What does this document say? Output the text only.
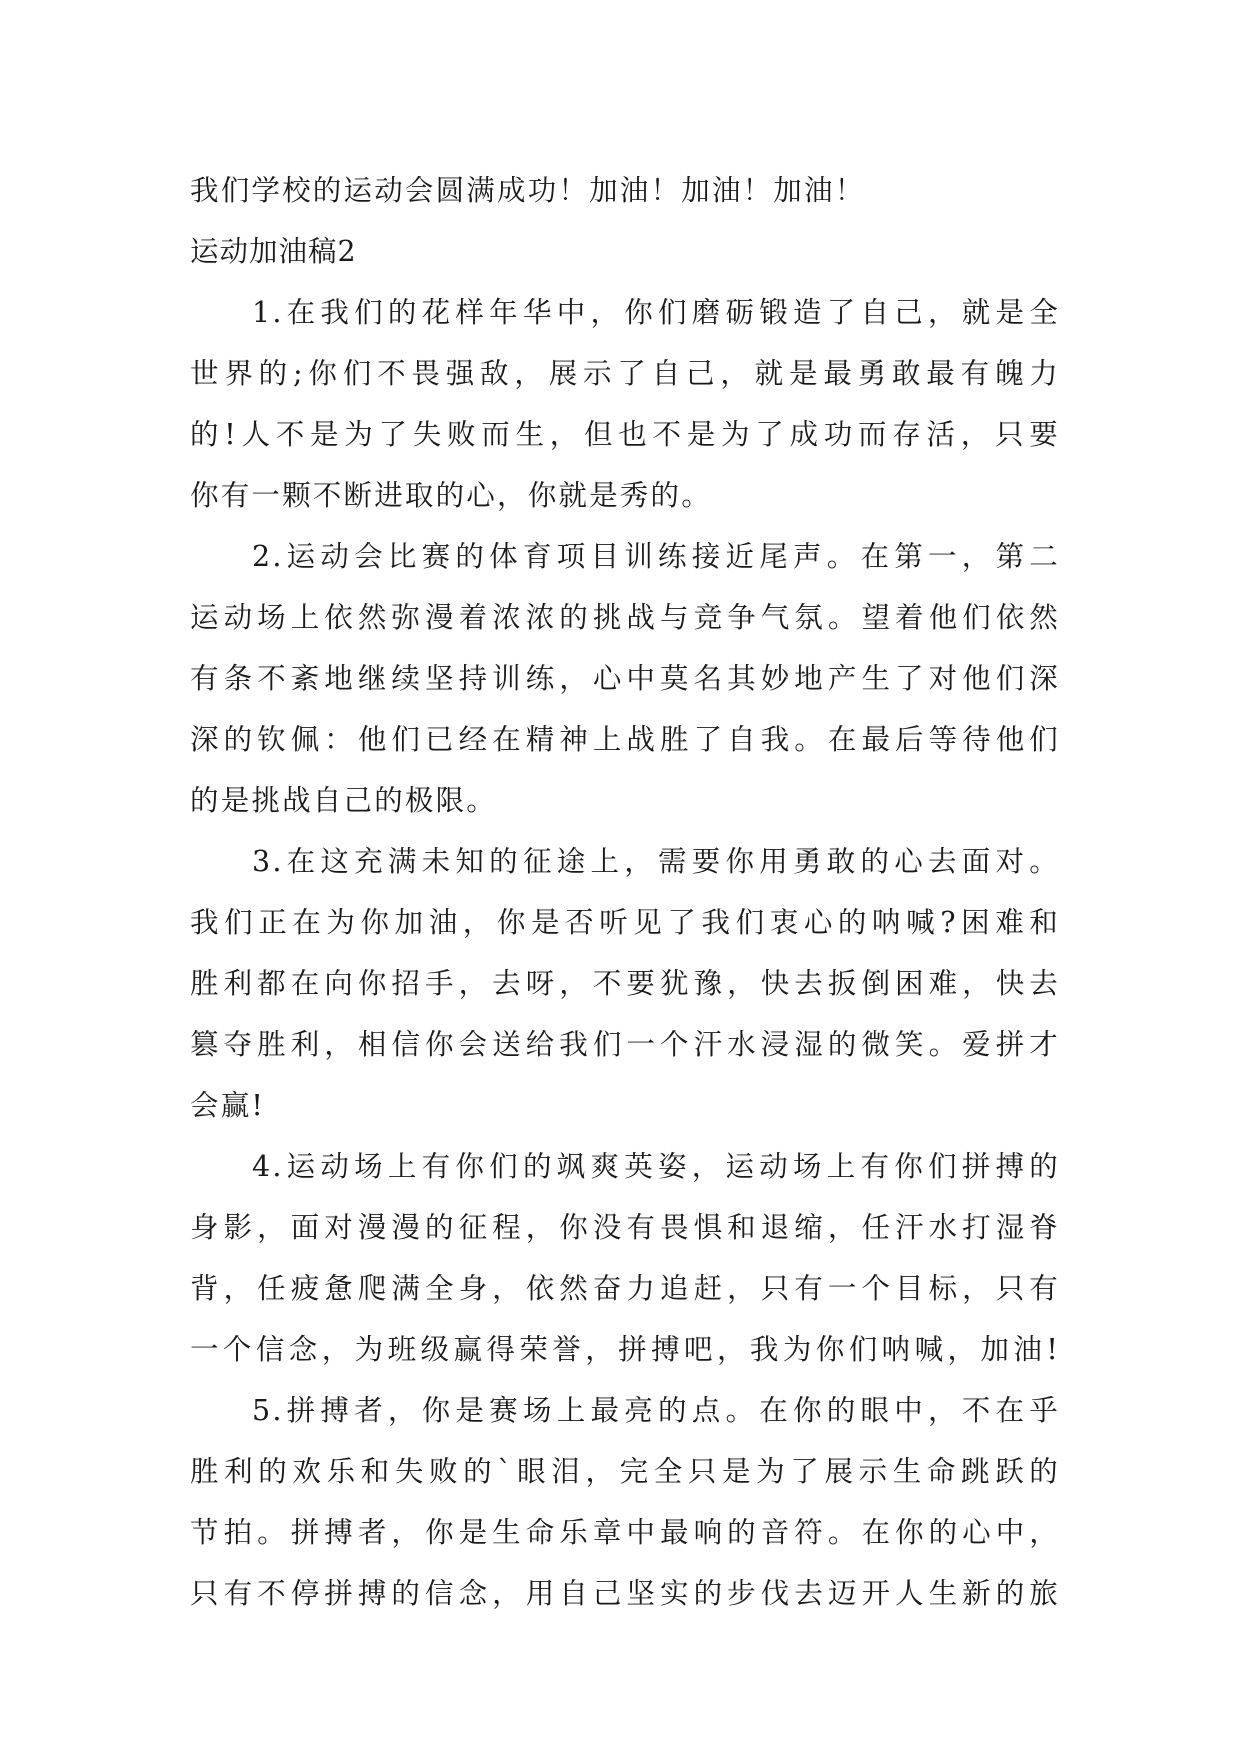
我们学校的运动会圆满成功！加油！加油！加油！
运动加油稿2
1.在我们的花样年华中，你们磨砺锻造了自己，就是全
世界的;你们不畏强敌，展示了自己，就是最勇敢最有魄力
的!人不是为了失败而生，但也不是为了成功而存活，只要
你有一颗不断进取的心，你就是秀的。
2.运动会比赛的体育项目训练接近尾声。在第一，第二
运动场上依然弥漫着浓浓的挑战与竞争气氛。望着他们依然
有条不紊地继续坚持训练，心中莫名其妙地产生了对他们深
深的钦佩：他们已经在精神上战胜了自我。在最后等待他们
的是挑战自己的极限。
3.在这充满未知的征途上，需要你用勇敢的心去面对。
我们正在为你加油，你是否听见了我们衷心的呐喊?困难和
胜利都在向你招手，去呀，不要犹豫，快去扳倒困难，快去
篡夺胜利，相信你会送给我们一个汗水浸湿的微笑。爱拼才
会赢!
4.运动场上有你们的飒爽英姿，运动场上有你们拼搏的
身影，面对漫漫的征程，你没有畏惧和退缩，任汗水打湿脊
背，任疲惫爬满全身，依然奋力追赶，只有一个目标，只有
一个信念，为班级赢得荣誉，拼搏吧，我为你们呐喊，加油!
5.拼搏者，你是赛场上最亮的点。在你的眼中，不在乎
胜利的欢乐和失败的`眼泪，完全只是为了展示生命跳跃的
节拍。拼搏者，你是生命乐章中最响的音符。在你的心中，
只有不停拼搏的信念，用自己坚实的步伐去迈开人生新的旅
